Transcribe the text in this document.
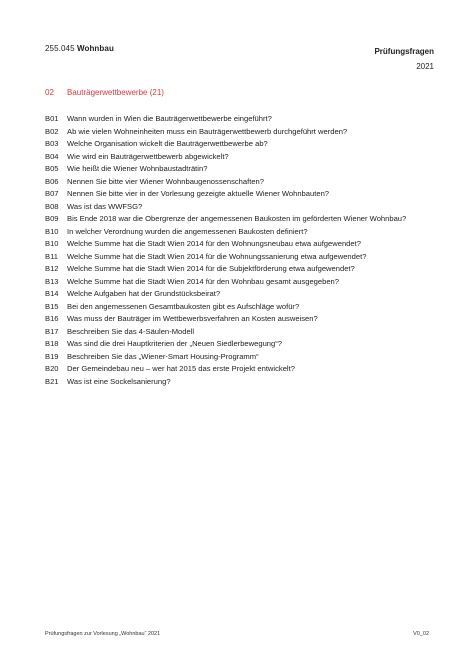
255.045 Wohnbau	Prüfungsfragen
2021
02 Bauträgerwettbewerbe (21)
B01 Wann wurden in Wien die Bauträgerwettbewerbe eingeführt?
B02 Ab wie vielen Wohneinheiten muss ein Bauträgerwettbewerb durchgeführt werden?
B03 Welche Organisation wickelt die Bauträgerwettbewerbe ab?
B04 Wie wird ein Bauträgerwettbewerb abgewickelt?
B05 Wie heißt die Wiener Wohnbaustadträtin?
B06 Nennen Sie bitte vier Wiener Wohnbaugenossenschaften?
B07 Nennen Sie bitte vier in der Vorlesung gezeigte aktuelle Wiener Wohnbauten?
B08 Was ist das WWFSG?
B09 Bis Ende 2018 war die Obergrenze der angemessenen Baukosten im geförderten Wiener Wohnbau?
B10 In welcher Verordnung wurden die angemessenen Baukosten definiert?
B10 Welche Summe hat die Stadt Wien 2014 für den Wohnungsneubau etwa aufgewendet?
B11 Welche Summe hat die Stadt Wien 2014 für die Wohnungssanierung etwa aufgewendet?
B12 Welche Summe hat die Stadt Wien 2014 für die Subjektförderung etwa aufgewendet?
B13 Welche Summe hat die Stadt Wien 2014 für den Wohnbau gesamt ausgegeben?
B14 Welche Aufgaben hat der Grundstücksbeirat?
B15 Bei den angemessenen Gesamtbaukosten gibt es Aufschläge wofür?
B16 Was muss der Bauträger im Wettbewerbsverfahren an Kosten ausweisen?
B17 Beschreiben Sie das 4-Säulen-Modell
B18 Was sind die drei Hauptkriterien der „Neuen Siedlerbewegung“?
B19 Beschreiben Sie das „Wiener-Smart Housing-Programm“
B20 Der Gemeindebau neu – wer hat 2015 das erste Projekt entwickelt?
B21 Was ist eine Sockelsanierung?
Prüfungsfragen zur Vorlesung „Wohnbau“ 2021	V0_02
